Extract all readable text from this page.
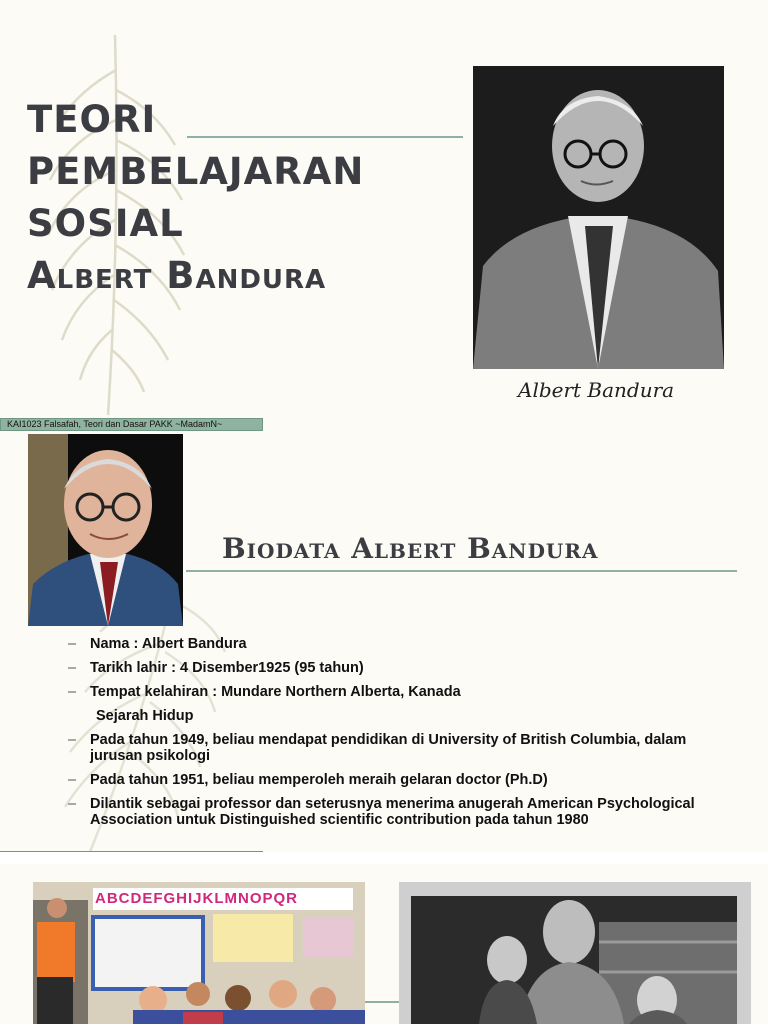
TEORI
PEMBELAJARAN
SOSIAL
Albert Bandura
Albert Bandura
KAI1023 Falsafah, Teori dan Dasar PAKK ~MadamN~
Biodata Albert Bandura
– Nama : Albert Bandura
– Tarikh lahir : 4 Disember1925 (95 tahun)
– Tempat kelahiran : Mundare Northern Alberta, Kanada
Sejarah Hidup
– Pada tahun 1949, beliau mendapat pendidikan di University of British Columbia, dalam jurusan psikologi
– Pada tahun 1951, beliau memperoleh meraih gelaran doctor (Ph.D)
– Dilantik sebagai professor dan seterusnya menerima anugerah American Psychological Association untuk Distinguished scientific contribution pada tahun 1980
ABCDEFGHIJKLMNOPQR
